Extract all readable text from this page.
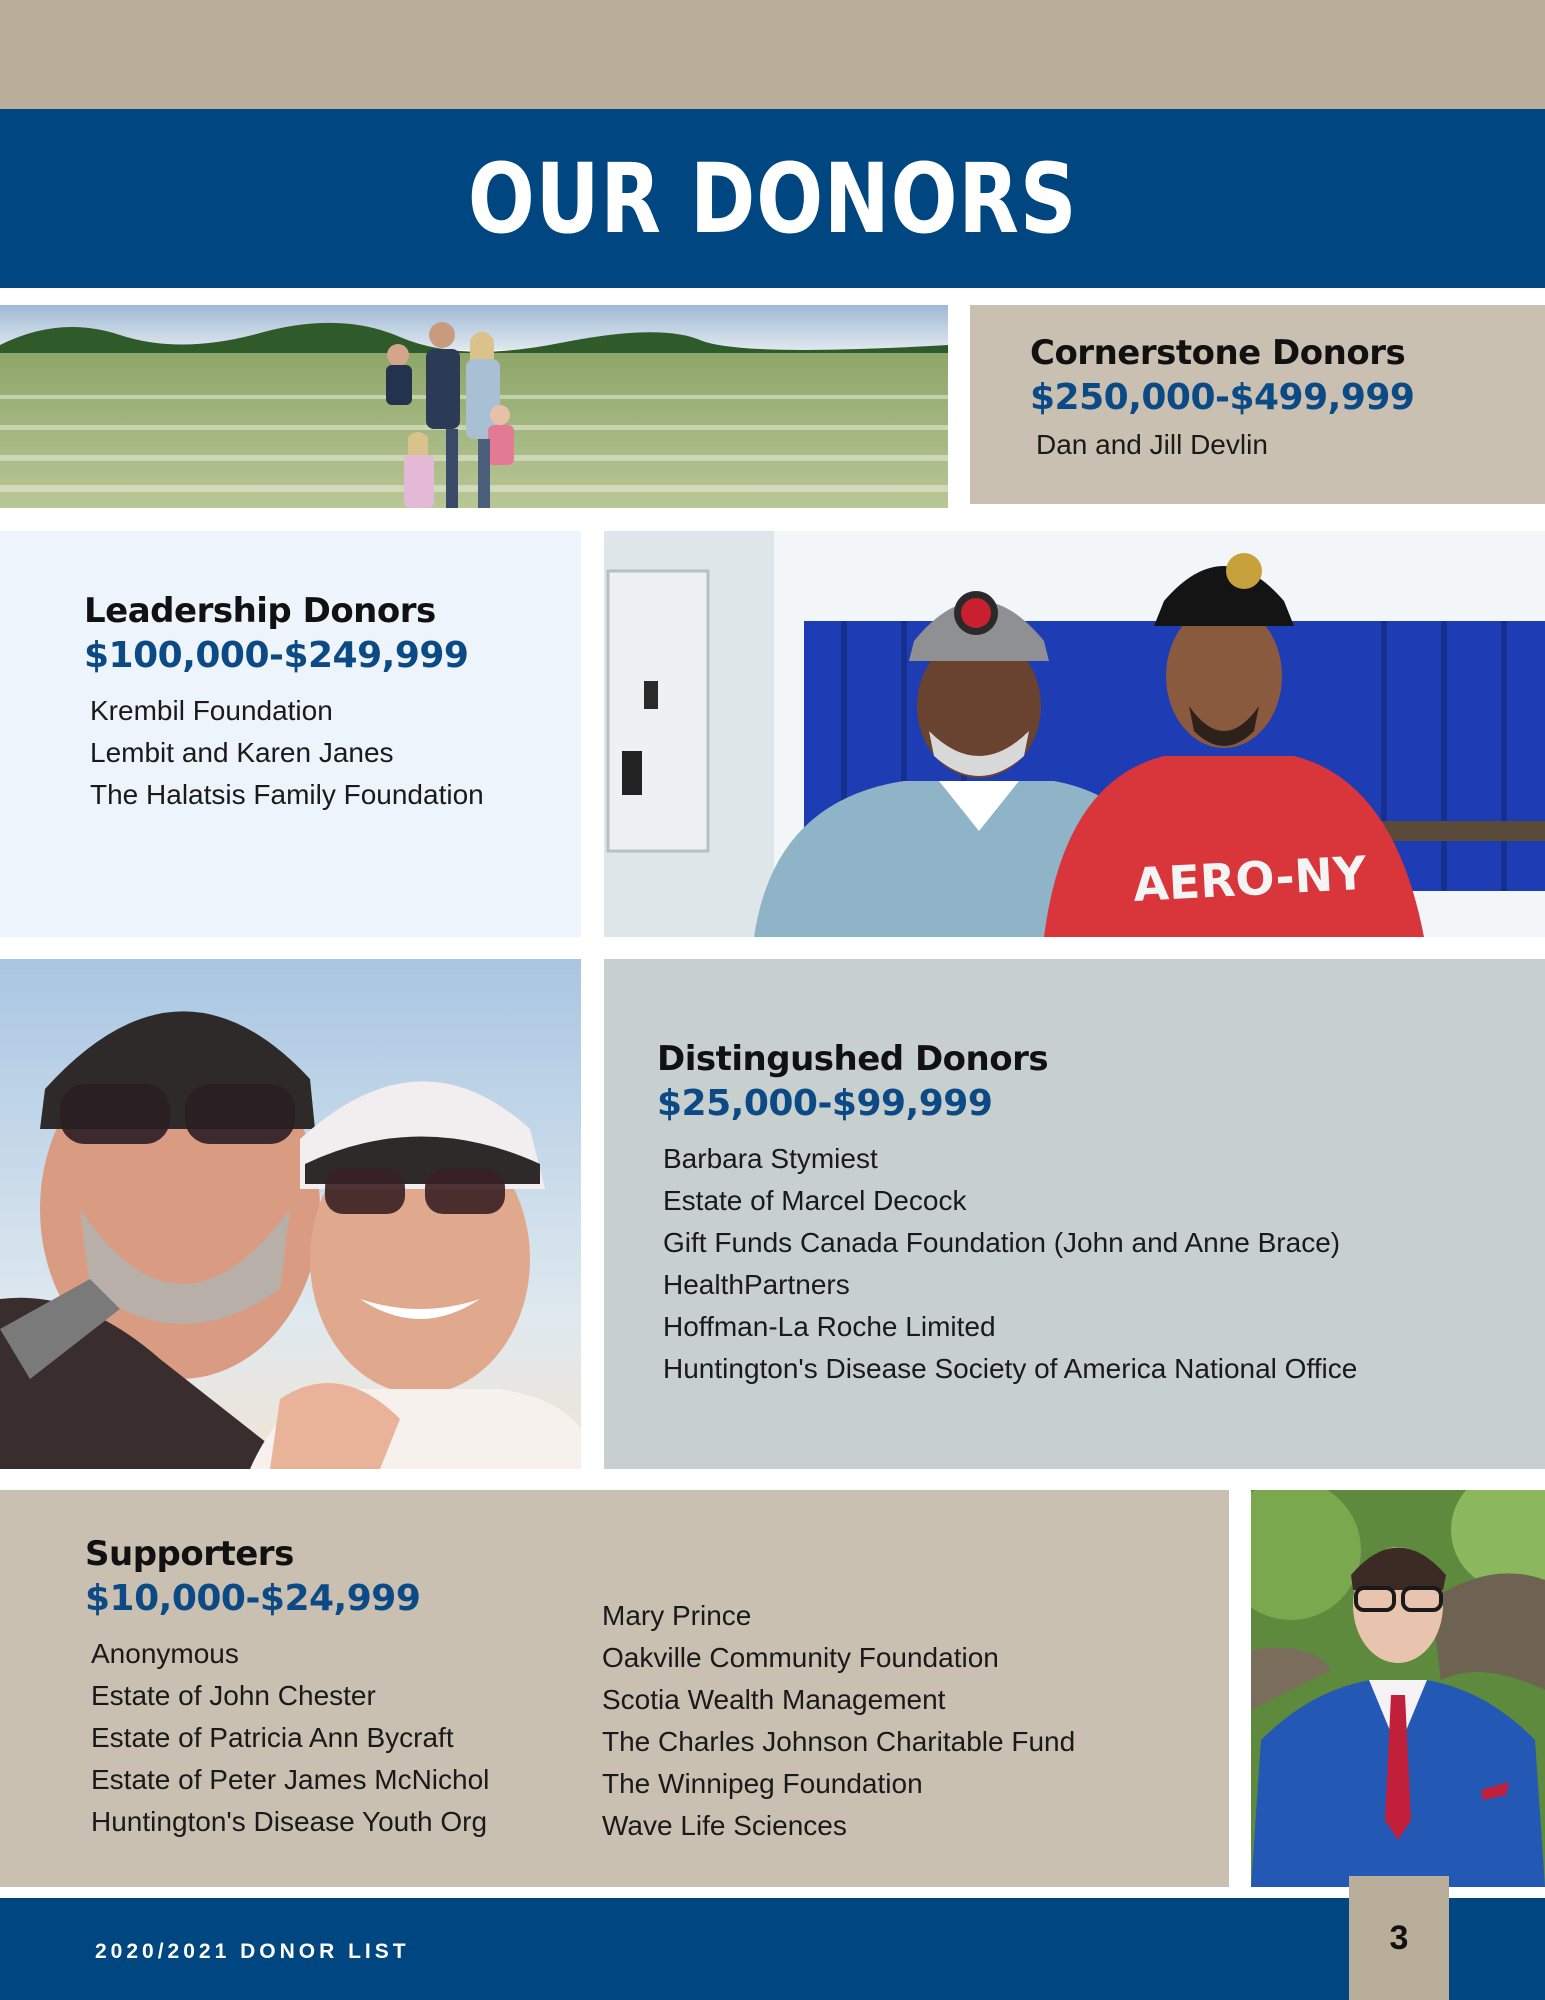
OUR DONORS
Cornerstone Donors
$250,000-$499,999
Dan and Jill Devlin
Leadership Donors
$100,000-$249,999
Krembil Foundation
Lembit and Karen Janes
The Halatsis Family Foundation
AERO-NY
Distingushed Donors
$25,000-$99,999
Barbara Stymiest
Estate of Marcel Decock
Gift Funds Canada Foundation (John and Anne Brace)
HealthPartners
Hoffman-La Roche Limited
Huntington's Disease Society of America National Office
Supporters
$10,000-$24,999
Anonymous
Estate of John Chester
Estate of Patricia Ann Bycraft
Estate of Peter James McNichol
Huntington's Disease Youth Org
Mary Prince
Oakville Community Foundation
Scotia Wealth Management
The Charles Johnson Charitable Fund
The Winnipeg Foundation
Wave Life Sciences
2020/2021 DONOR LIST	3
